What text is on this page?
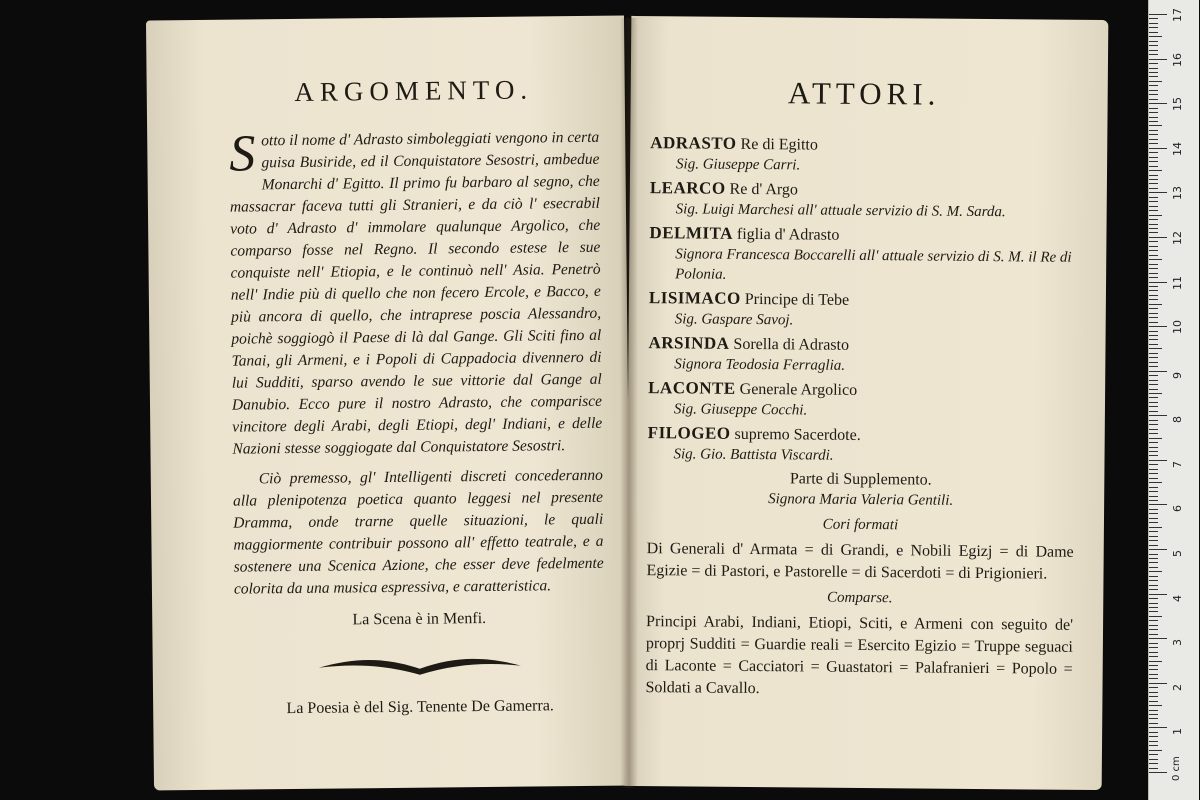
ARGOMENTO.

Sotto il nome d' Adrasto simboleggiati vengono in certa guisa Busiride, ed il Conquistatore Sesostri, ambedue Monarchi d' Egitto. Il primo fu barbaro al segno, che massacrar faceva tutti gli Stranieri, e da ciò l' esecrabil voto d' Adrasto d' immolare qualunque Argolico, che comparso fosse nel Regno. Il secondo estese le sue conquiste nell' Etiopia, e le continuò nell' Asia. Penetrò nell' Indie più di quello che non fecero Ercole, e Bacco, e più ancora di quello, che intraprese poscia Alessandro, poichè soggiogò il Paese di là dal Gange. Gli Sciti fino al Tanai, gli Armeni, e i Popoli di Cappadocia divennero di lui Sudditi, sparso avendo le sue vittorie dal Gange al Danubio. Ecco pure il nostro Adrasto, che comparisce vincitore degli Arabi, degli Etiopi, degl' Indiani, e delle Nazioni stesse soggiogate dal Conquistatore Sesostri.

Ciò premesso, gl' Intelligenti discreti concederanno alla plenipotenza poetica quanto leggesi nel presente Dramma, onde trarne quelle situazioni, le quali maggiormente contribuir possono all' effetto teatrale, e a sostenere una Scenica Azione, che esser deve fedelmente colorita da una musica espressiva, e caratteristica.

La Scena è in Menfi.

La Poesia è del Sig. Tenente De Gamerra.

ATTORI.
ADRASTO Re di Egitto
Sig. Giuseppe Carri.
LEARCO Re d' Argo
Sig. Luigi Marchesi all' attuale servizio di S. M. Sarda.
DELMITA figlia d' Adrasto
Signora Francesca Boccarelli all' attuale servizio di S. M. il Re di Polonia.
LISIMACO Principe di Tebe
Sig. Gaspare Savoj.
ARSINDA Sorella di Adrasto
Signora Teodosia Ferraglia.
LACONTE Generale Argolico
Sig. Giuseppe Cocchi.
FILOGEO supremo Sacerdote.
Sig. Gio. Battista Viscardi.
Parte di Supplemento.
Signora Maria Valeria Gentili.
Cori formati
Di Generali d' Armata = di Grandi, e Nobili Egizj = di Dame Egizie = di Pastori, e Pastorelle = di Sacerdoti = di Prigionieri.
Comparse.
Principi Arabi, Indiani, Etiopi, Sciti, e Armeni con seguito de' proprj Sudditi = Guardie reali = Esercito Egizio = Truppe seguaci di Laconte = Cacciatori = Guastatori = Palafranieri = Popolo = Soldati a Cavallo.
0 cm
17
16
15
14
13
12
11
10
9
8
7
6
5
4
3
2
1
